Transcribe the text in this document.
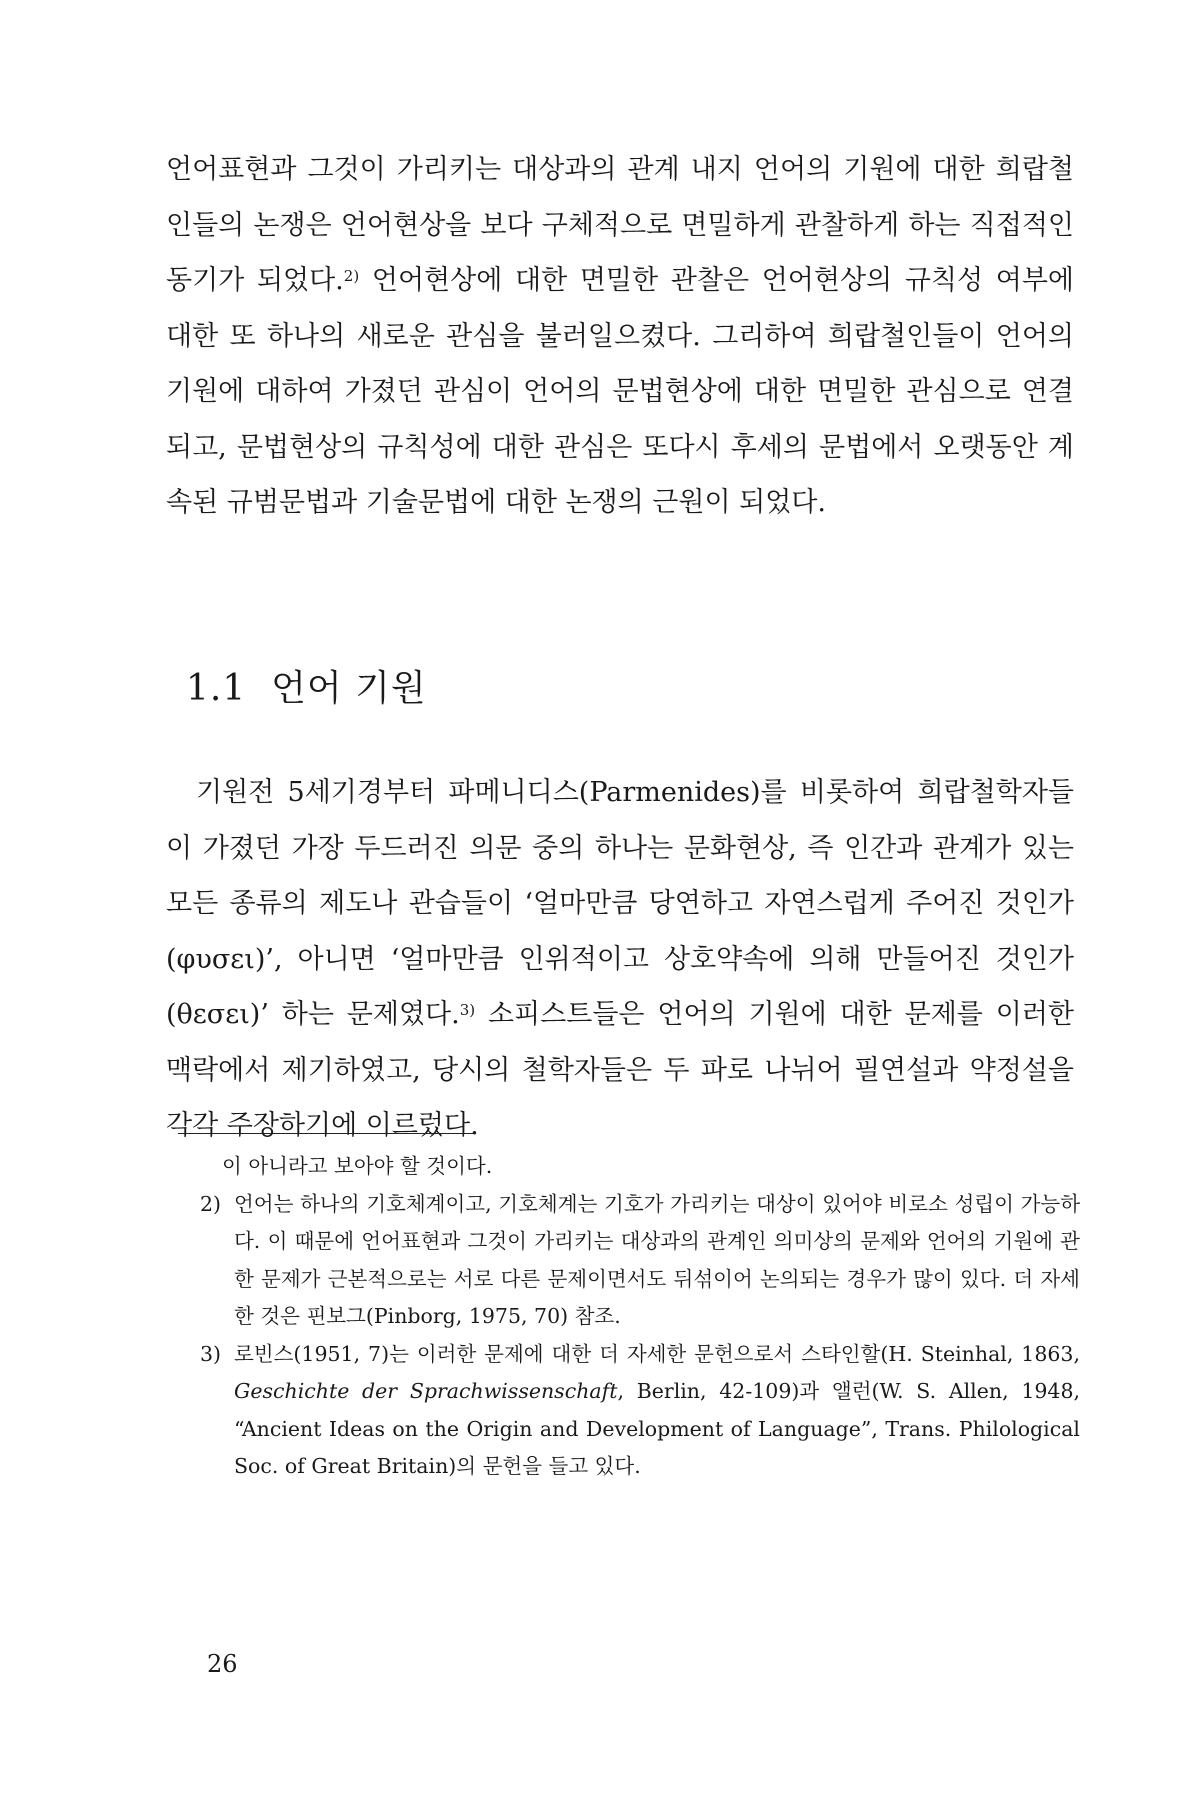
언어표현과 그것이 가리키는 대상과의 관계 내지 언어의 기원에 대한 희랍철인들의 논쟁은 언어현상을 보다 구체적으로 면밀하게 관찰하게 하는 직접적인 동기가 되었다.$^{2)}$ 언어현상에 대한 면밀한 관찰은 언어현상의 규칙성 여부에 대한 또 하나의 새로운 관심을 불러일으켰다. 그리하여 희랍철인들이 언어의 기원에 대하여 가졌던 관심이 언어의 문법현상에 대한 면밀한 관심으로 연결되고, 문법현상의 규칙성에 대한 관심은 또다시 후세의 문법에서 오랫동안 계속된 규범문법과 기술문법에 대한 논쟁의 근원이 되었다.

1.1 언어 기원

기원전 5세기경부터 파메니디스(Parmenides)를 비롯하여 희랍철학자들이 가졌던 가장 두드러진 의문 중의 하나는 문화현상, 즉 인간과 관계가 있는 모든 종류의 제도나 관습들이 ‘얼마만큼 당연하고 자연스럽게 주어진 것인가(φυσει)’, 아니면 ‘얼마만큼 인위적이고 상호약속에 의해 만들어진 것인가(θεσει)’ 하는 문제였다.$^{3)}$ 소피스트들은 언어의 기원에 대한 문제를 이러한 맥락에서 제기하였고, 당시의 철학자들은 두 파로 나뉘어 필연설과 약정설을 각각 주장하기에 이르렀다.

이 아니라고 보아야 할 것이다.

2) 언어는 하나의 기호체계이고, 기호체계는 기호가 가리키는 대상이 있어야 비로소 성립이 가능하다. 이 때문에 언어표현과 그것이 가리키는 대상과의 관계인 의미상의 문제와 언어의 기원에 관한 문제가 근본적으로는 서로 다른 문제이면서도 뒤섞이어 논의되는 경우가 많이 있다. 더 자세한 것은 핀보그(Pinborg, 1975, 70) 참조.

3) 로빈스(1951, 7)는 이러한 문제에 대한 더 자세한 문헌으로서 스타인할(H. Steinhal, 1863, Geschichte der Sprachwissenschaft, Berlin, 42-109)과 앨런(W. S. Allen, 1948, “Ancient Ideas on the Origin and Development of Language”, Trans. Philological Soc. of Great Britain)의 문헌을 들고 있다.

26
